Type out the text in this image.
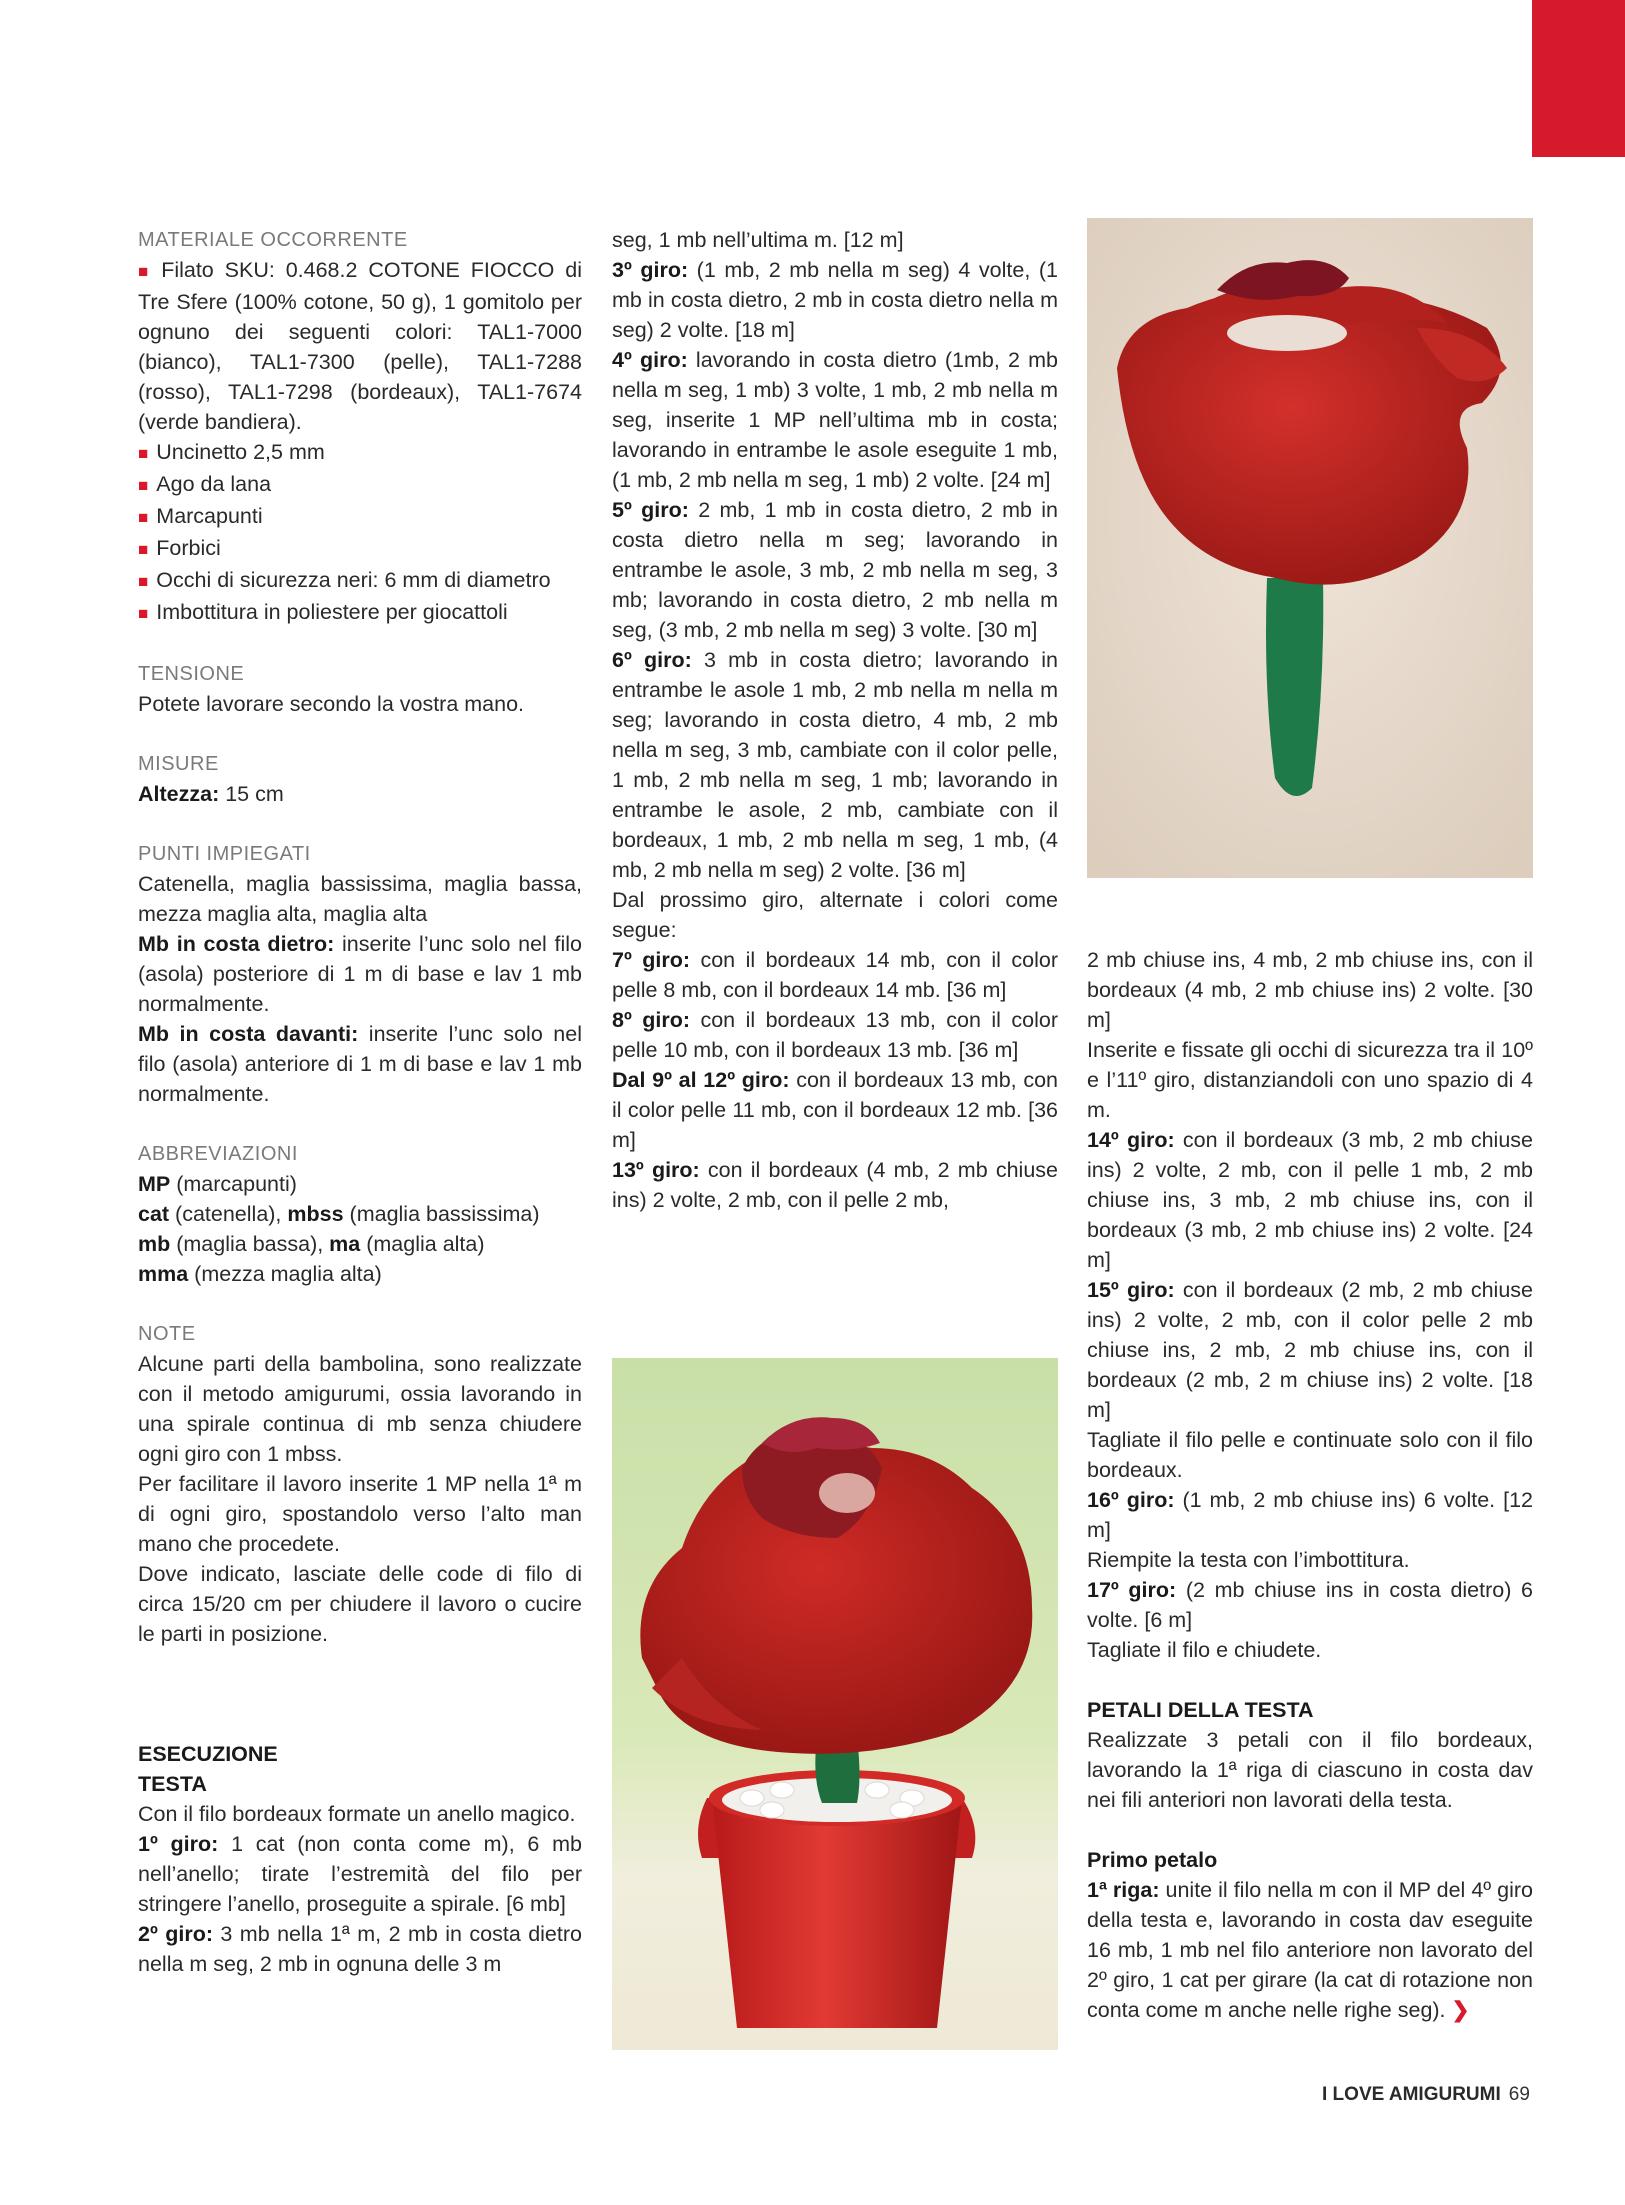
MATERIALE OCCORRENTE

■ Filato SKU: 0.468.2 COTONE FIOCCO di Tre Sfere (100% cotone, 50 g), 1 gomitolo per ognuno dei seguenti colori: TAL1-7000 (bianco), TAL1-7300 (pelle), TAL1-7288 (rosso), TAL1-7298 (bordeaux), TAL1-7674 (verde bandiera).

■ Uncinetto 2,5 mm

■ Ago da lana

■ Marcapunti

■ Forbici

■ Occhi di sicurezza neri: 6 mm di diametro

■ Imbottitura in poliestere per giocattoli

TENSIONE

Potete lavorare secondo la vostra mano.

MISURE

Altezza: 15 cm

PUNTI IMPIEGATI

Catenella, maglia bassissima, maglia bassa, mezza maglia alta, maglia alta

Mb in costa dietro: inserite l’unc solo nel filo (asola) posteriore di 1 m di base e lav 1 mb normalmente.

Mb in costa davanti: inserite l’unc solo nel filo (asola) anteriore di 1 m di base e lav 1 mb normalmente.

ABBREVIAZIONI

MP (marcapunti)

cat (catenella), mbss (maglia bassissima)

mb (maglia bassa), ma (maglia alta)

mma (mezza maglia alta)

NOTE

Alcune parti della bambolina, sono realizzate con il metodo amigurumi, ossia lavorando in una spirale continua di mb senza chiudere ogni giro con 1 mbss.

Per facilitare il lavoro inserite 1 MP nella 1ª m di ogni giro, spostandolo verso l’alto man mano che procedete.

Dove indicato, lasciate delle code di filo di circa 15/20 cm per chiudere il lavoro o cucire le parti in posizione.

ESECUZIONE

TESTA

Con il filo bordeaux formate un anello magico.

1º giro: 1 cat (non conta come m), 6 mb nell’anello; tirate l’estremità del filo per stringere l’anello, proseguite a spirale. [6 mb]

2º giro: 3 mb nella 1ª m, 2 mb in costa dietro nella m seg, 2 mb in ognuna delle 3 m

seg, 1 mb nell’ultima m. [12 m]

3º giro: (1 mb, 2 mb nella m seg) 4 volte, (1 mb in costa dietro, 2 mb in costa dietro nella m seg) 2 volte. [18 m]

4º giro: lavorando in costa dietro (1mb, 2 mb nella m seg, 1 mb) 3 volte, 1 mb, 2 mb nella m seg, inserite 1 MP nell’ultima mb in costa; lavorando in entrambe le asole eseguite 1 mb, (1 mb, 2 mb nella m seg, 1 mb) 2 volte. [24 m]

5º giro: 2 mb, 1 mb in costa dietro, 2 mb in costa dietro nella m seg; lavorando in entrambe le asole, 3 mb, 2 mb nella m seg, 3 mb; lavorando in costa dietro, 2 mb nella m seg, (3 mb, 2 mb nella m seg) 3 volte. [30 m]

6º giro: 3 mb in costa dietro; lavorando in entrambe le asole 1 mb, 2 mb nella m nella m seg; lavorando in costa dietro, 4 mb, 2 mb nella m seg, 3 mb, cambiate con il color pelle, 1 mb, 2 mb nella m seg, 1 mb; lavorando in entrambe le asole, 2 mb, cambiate con il bordeaux, 1 mb, 2 mb nella m seg, 1 mb, (4 mb, 2 mb nella m seg) 2 volte. [36 m]

Dal prossimo giro, alternate i colori come segue:

7º giro: con il bordeaux 14 mb, con il color pelle 8 mb, con il bordeaux 14 mb. [36 m]

8º giro: con il bordeaux 13 mb, con il color pelle 10 mb, con il bordeaux 13 mb. [36 m]

Dal 9º al 12º giro: con il bordeaux 13 mb, con il color pelle 11 mb, con il bordeaux 12 mb. [36 m]

13º giro: con il bordeaux (4 mb, 2 mb chiuse ins) 2 volte, 2 mb, con il pelle 2 mb,

2 mb chiuse ins, 4 mb, 2 mb chiuse ins, con il bordeaux (4 mb, 2 mb chiuse ins) 2 volte. [30 m]

Inserite e fissate gli occhi di sicurezza tra il 10º e l’11º giro, distanziandoli con uno spazio di 4 m.

14º giro: con il bordeaux (3 mb, 2 mb chiuse ins) 2 volte, 2 mb, con il pelle 1 mb, 2 mb chiuse ins, 3 mb, 2 mb chiuse ins, con il bordeaux (3 mb, 2 mb chiuse ins) 2 volte. [24 m]

15º giro: con il bordeaux (2 mb, 2 mb chiuse ins) 2 volte, 2 mb, con il color pelle 2 mb chiuse ins, 2 mb, 2 mb chiuse ins, con il bordeaux (2 mb, 2 m chiuse ins) 2 volte. [18 m]

Tagliate il filo pelle e continuate solo con il filo bordeaux.

16º giro: (1 mb, 2 mb chiuse ins) 6 volte. [12 m]

Riempite la testa con l’imbottitura.

17º giro: (2 mb chiuse ins in costa dietro) 6 volte. [6 m]

Tagliate il filo e chiudete.

PETALI DELLA TESTA

Realizzate 3 petali con il filo bordeaux, lavorando la 1ª riga di ciascuno in costa dav nei fili anteriori non lavorati della testa.

Primo petalo

1ª riga: unite il filo nella m con il MP del 4º giro della testa e, lavorando in costa dav eseguite 16 mb, 1 mb nel filo anteriore non lavorato del 2º giro, 1 cat per girare (la cat di rotazione non conta come m anche nelle righe seg). ❯

I LOVE AMIGURUMI 69
